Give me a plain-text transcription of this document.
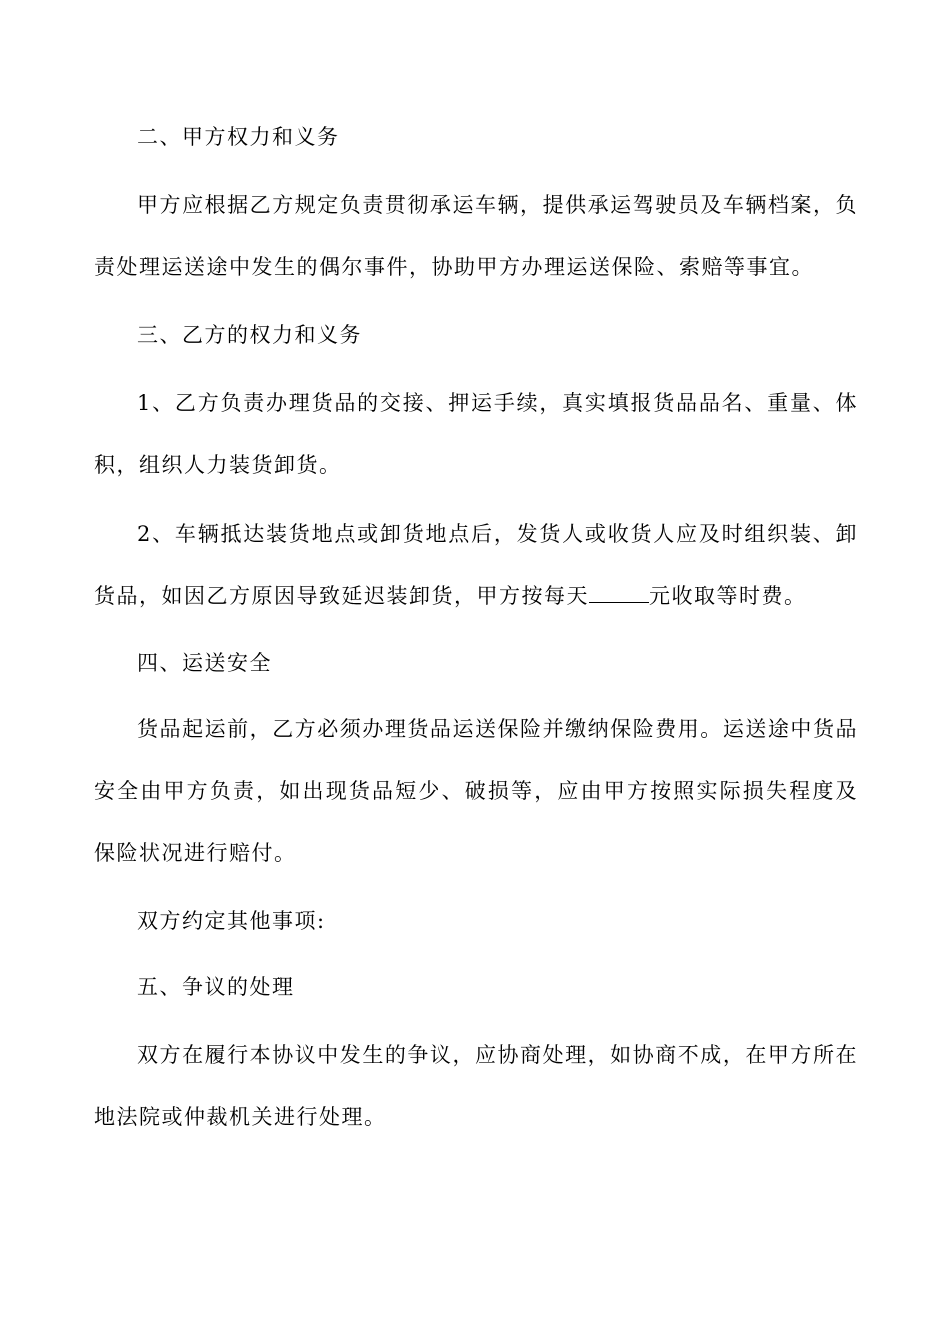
二、甲方权力和义务

甲方应根据乙方规定负责贯彻承运车辆，提供承运驾驶员及车辆档案，负责处理运送途中发生的偶尔事件，协助甲方办理运送保险、索赔等事宜。

三、乙方的权力和义务

1、乙方负责办理货品的交接、押运手续，真实填报货品品名、重量、体积，组织人力装货卸货。

2、车辆抵达装货地点或卸货地点后，发货人或收货人应及时组织装、卸货品，如因乙方原因导致延迟装卸货，甲方按每天	元收取等时费。

四、运送安全

货品起运前，乙方必须办理货品运送保险并缴纳保险费用。运送途中货品安全由甲方负责，如出现货品短少、破损等，应由甲方按照实际损失程度及保险状况进行赔付。

双方约定其他事项:

五、争议的处理

双方在履行本协议中发生的争议，应协商处理，如协商不成，在甲方所在地法院或仲裁机关进行处理。
